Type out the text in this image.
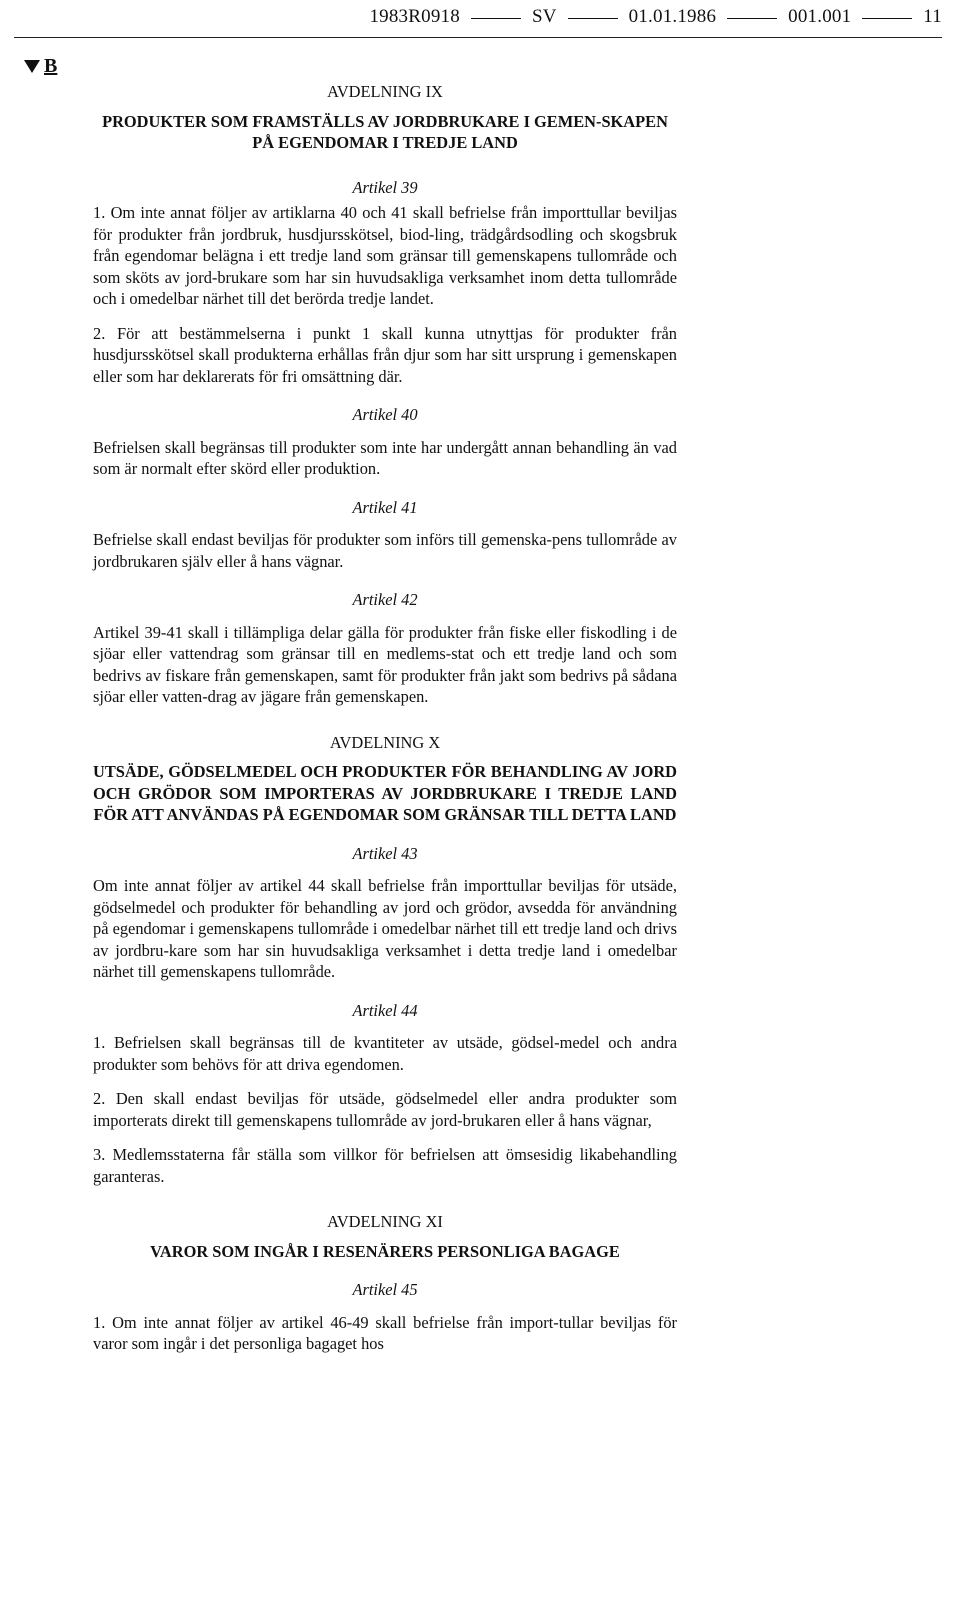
1983R0918	SV	01.01.1986	001.001	11
B
AVDELNING IX
PRODUKTER SOM FRAMSTÄLLS AV JORDBRUKARE I GEMEN-SKAPEN PÅ EGENDOMAR I TREDJE LAND
Artikel 39

1. Om inte annat följer av artiklarna 40 och 41 skall befrielse från importtullar beviljas för produkter från jordbruk, husdjursskötsel, biod-ling, trädgårdsodling och skogsbruk från egendomar belägna i ett tredje land som gränsar till gemenskapens tullområde och som sköts av jord-brukare som har sin huvudsakliga verksamhet inom detta tullområde och i omedelbar närhet till det berörda tredje landet.

2. För att bestämmelserna i punkt 1 skall kunna utnyttjas för produkter från husdjursskötsel skall produkterna erhållas från djur som har sitt ursprung i gemenskapen eller som har deklarerats för fri omsättning där.

Artikel 40

Befrielsen skall begränsas till produkter som inte har undergått annan behandling än vad som är normalt efter skörd eller produktion.

Artikel 41

Befrielse skall endast beviljas för produkter som införs till gemenska-pens tullområde av jordbrukaren själv eller å hans vägnar.

Artikel 42

Artikel 39-41 skall i tillämpliga delar gälla för produkter från fiske eller fiskodling i de sjöar eller vattendrag som gränsar till en medlems-stat och ett tredje land och som bedrivs av fiskare från gemenskapen, samt för produkter från jakt som bedrivs på sådana sjöar eller vatten-drag av jägare från gemenskapen.

AVDELNING X
UTSÄDE, GÖDSELMEDEL OCH PRODUKTER FÖR BEHANDLING AV JORD OCH GRÖDOR SOM IMPORTERAS AV JORDBRUKARE I TREDJE LAND FÖR ATT ANVÄNDAS PÅ EGENDOMAR SOM GRÄNSAR TILL DETTA LAND
Artikel 43

Om inte annat följer av artikel 44 skall befrielse från importtullar beviljas för utsäde, gödselmedel och produkter för behandling av jord och grödor, avsedda för användning på egendomar i gemenskapens tullområde i omedelbar närhet till ett tredje land och drivs av jordbru-kare som har sin huvudsakliga verksamhet i detta tredje land i omedelbar närhet till gemenskapens tullområde.

Artikel 44

1. Befrielsen skall begränsas till de kvantiteter av utsäde, gödsel-medel och andra produkter som behövs för att driva egendomen.

2. Den skall endast beviljas för utsäde, gödselmedel eller andra produkter som importerats direkt till gemenskapens tullområde av jord-brukaren eller å hans vägnar,

3. Medlemsstaterna får ställa som villkor för befrielsen att ömsesidig likabehandling garanteras.

AVDELNING XI
VAROR SOM INGÅR I RESENÄRERS PERSONLIGA BAGAGE
Artikel 45

1. Om inte annat följer av artikel 46-49 skall befrielse från import-tullar beviljas för varor som ingår i det personliga bagaget hos
